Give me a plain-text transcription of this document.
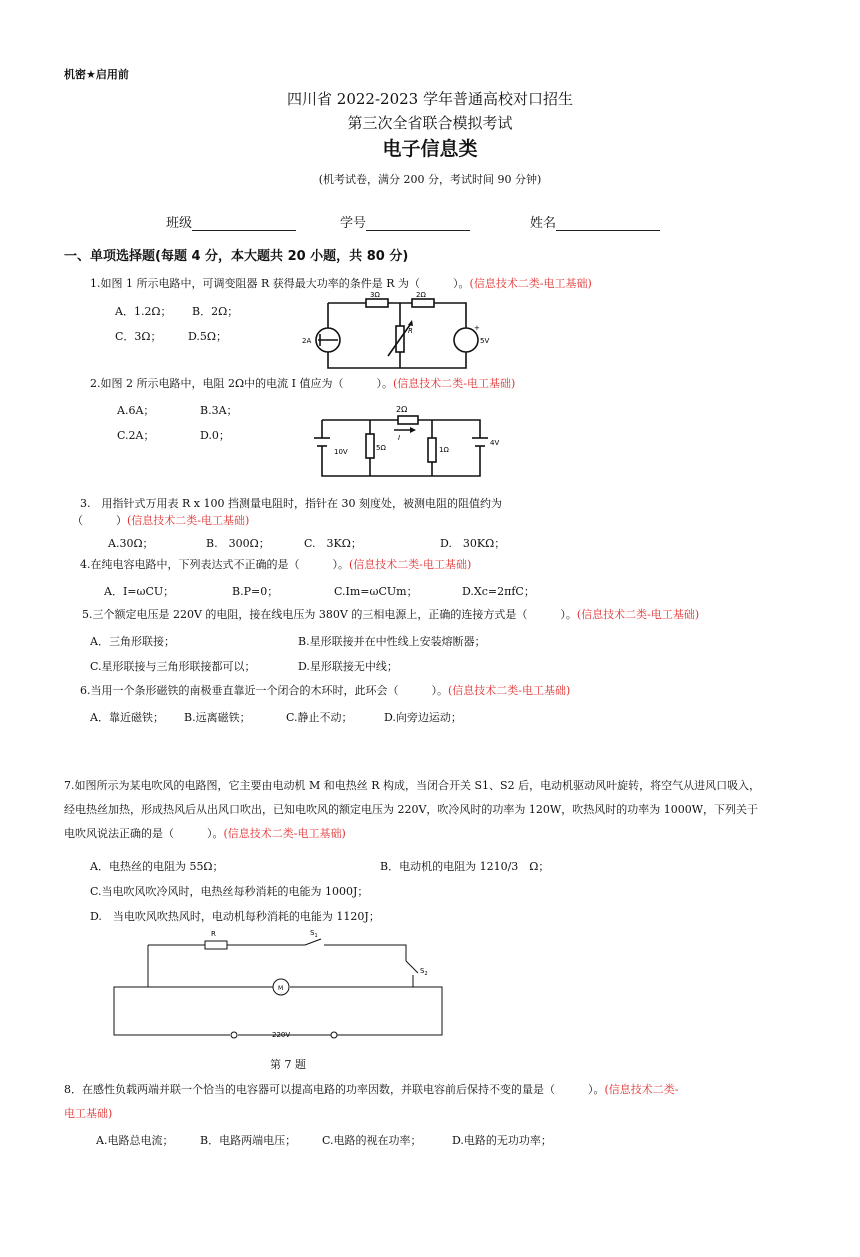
机密★启用前
四川省 2022-2023 学年普通高校对口招生
第三次全省联合模拟考试
电子信息类
(机考试卷，满分 200 分，考试时间 90 分钟)
班级	学号	姓名
一、单项选择题(每题 4 分，本大题共 20 小题，共 80 分)
1.如图 1 所示电路中，可调变阻器 R 获得最大功率的条件是 R 为（　　　）。(信息技术二类-电工基础)
A．1.2Ω； B．2Ω；
C．3Ω； D.5Ω；
3Ω	2Ω
2A
R
5V
+
2.如图 2 所示电路中，电阻 2Ω中的电流 I 值应为（　　　）。(信息技术二类-电工基础)
A.6A；	B.3A；
C.2A；	D.0；
2Ω
I
10V	5Ω	1Ω
4V
3.　用指针式万用表 R x 100 挡测量电阻时，指针在 30 刻度处，被测电阻的阻值约为
（　　　）(信息技术二类-电工基础)
A.30Ω；	B.　300Ω；	C.　3KΩ；	D.　30KΩ；
4.在纯电容电路中，下列表达式不正确的是（　　　）。(信息技术二类-电工基础)
A．I=ωCU；	B.P=0；	C.Im=ωCUm；	D.Xc=2πfC；
5.三个额定电压是 220V 的电阻，接在线电压为 380V 的三相电源上，正确的连接方式是（　　　）。(信息技术二类-电工基础)
A．三角形联接；	B.星形联接并在中性线上安装熔断器；
C.星形联接与三角形联接都可以；	D.星形联接无中线；
6.当用一个条形磁铁的南极垂直靠近一个闭合的木环时，此环会（　　　）。(信息技术二类-电工基础)
A．靠近磁铁； B.远离磁铁；	C.静止不动；	D.向旁边运动；
7.如图所示为某电吹风的电路图，它主要由电动机 M 和电热丝 R 构成，当闭合开关 S1、S2 后，电动机驱动风叶旋转，将空气从进风口吸入，经电热丝加热，形成热风后从出风口吹出，已知电吹风的额定电压为 220V，吹冷风时的功率为 120W，吹热风时的功率为 1000W，下列关于电吹风说法正确的是（　　　）。(信息技术二类-电工基础)
A．电热丝的电阻为 55Ω；	B．电动机的电阻为 1210/3　Ω；
C.当电吹风吹冷风时，电热丝每秒消耗的电能为 1000J；
D.　当电吹风吹热风时，电动机每秒消耗的电能为 1120J；
R	$S_1$
$S_2$
M
220V
第 7 题
8．在感性负载两端并联一个恰当的电容器可以提高电路的功率因数，并联电容前后保持不变的量是（　　　）。(信息技术二类-
电工基础)
A.电路总电流； B．电路两端电压； C.电路的视在功率；	D.电路的无功功率；
